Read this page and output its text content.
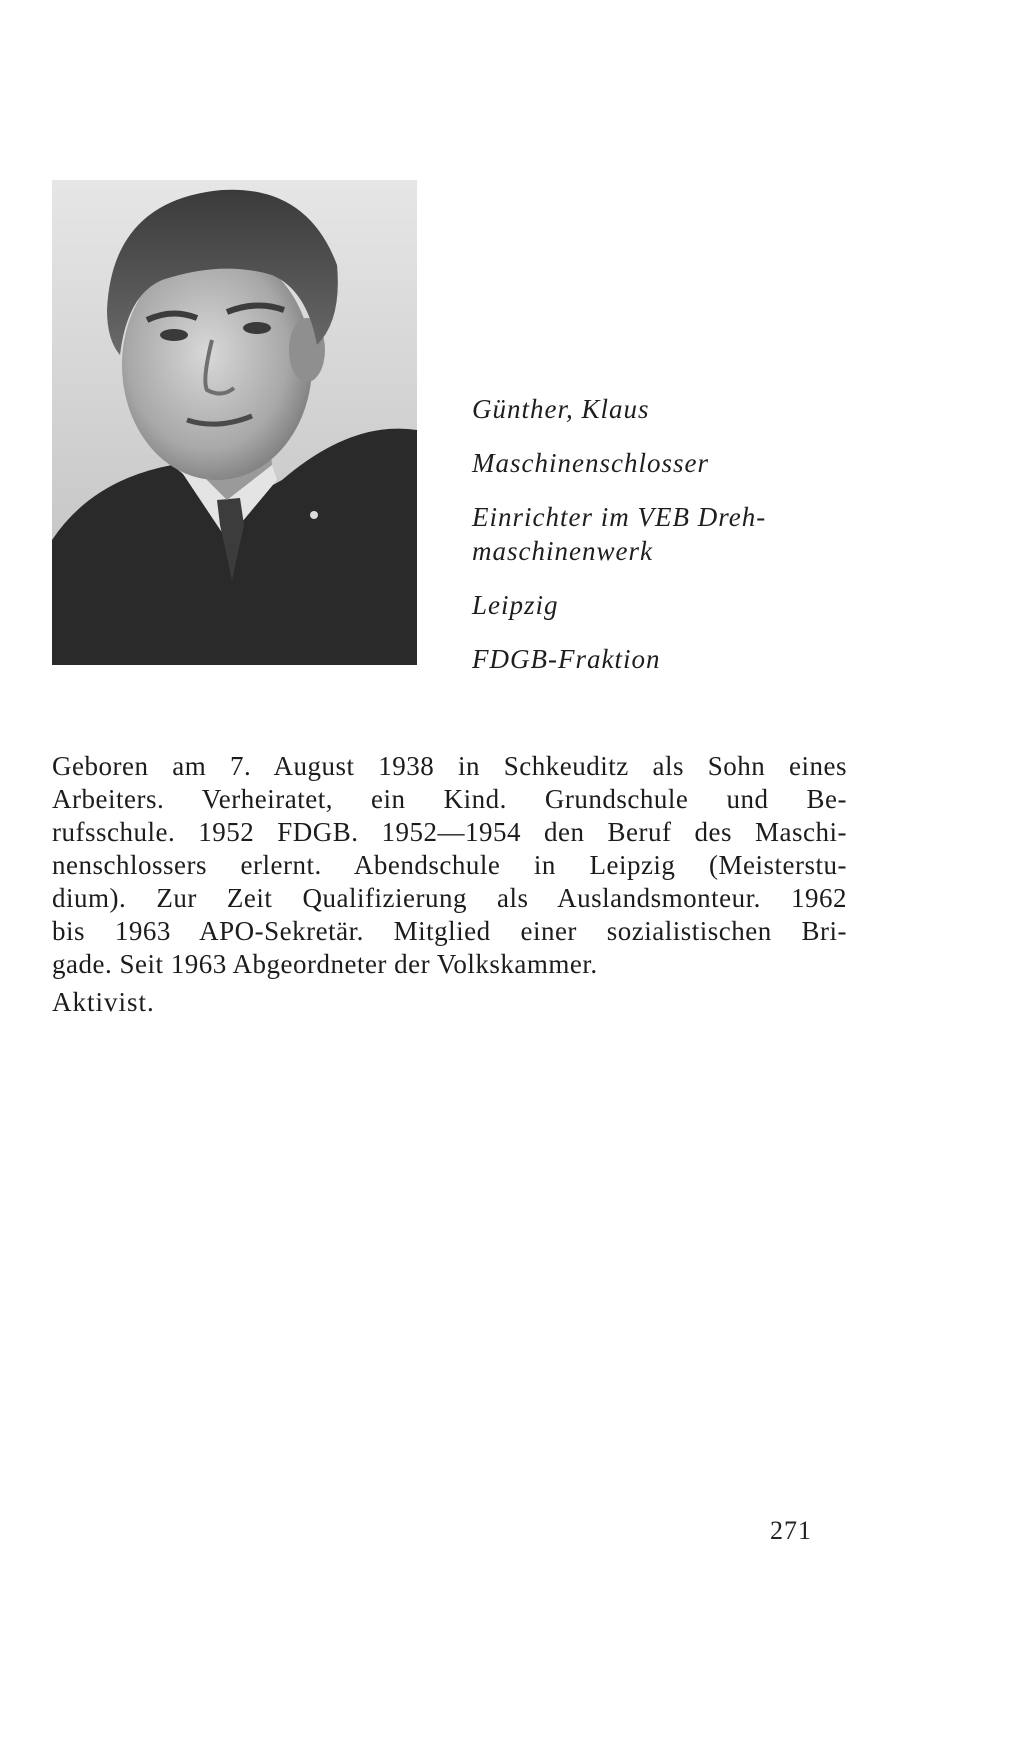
Günther, Klaus
Maschinenschlosser
Einrichter im VEB Dreh-
maschinenwerk
Leipzig
FDGB-Fraktion
Geboren am 7. August 1938 in Schkeuditz als Sohn eines
Arbeiters. Verheiratet, ein Kind. Grundschule und Be-
rufsschule. 1952 FDGB. 1952—1954 den Beruf des Maschi-
nenschlossers erlernt. Abendschule in Leipzig (Meisterstu-
dium). Zur Zeit Qualifizierung als Auslandsmonteur. 1962
bis 1963 APO-Sekretär. Mitglied einer sozialistischen Bri-
gade. Seit 1963 Abgeordneter der Volkskammer.
Aktivist.
271
